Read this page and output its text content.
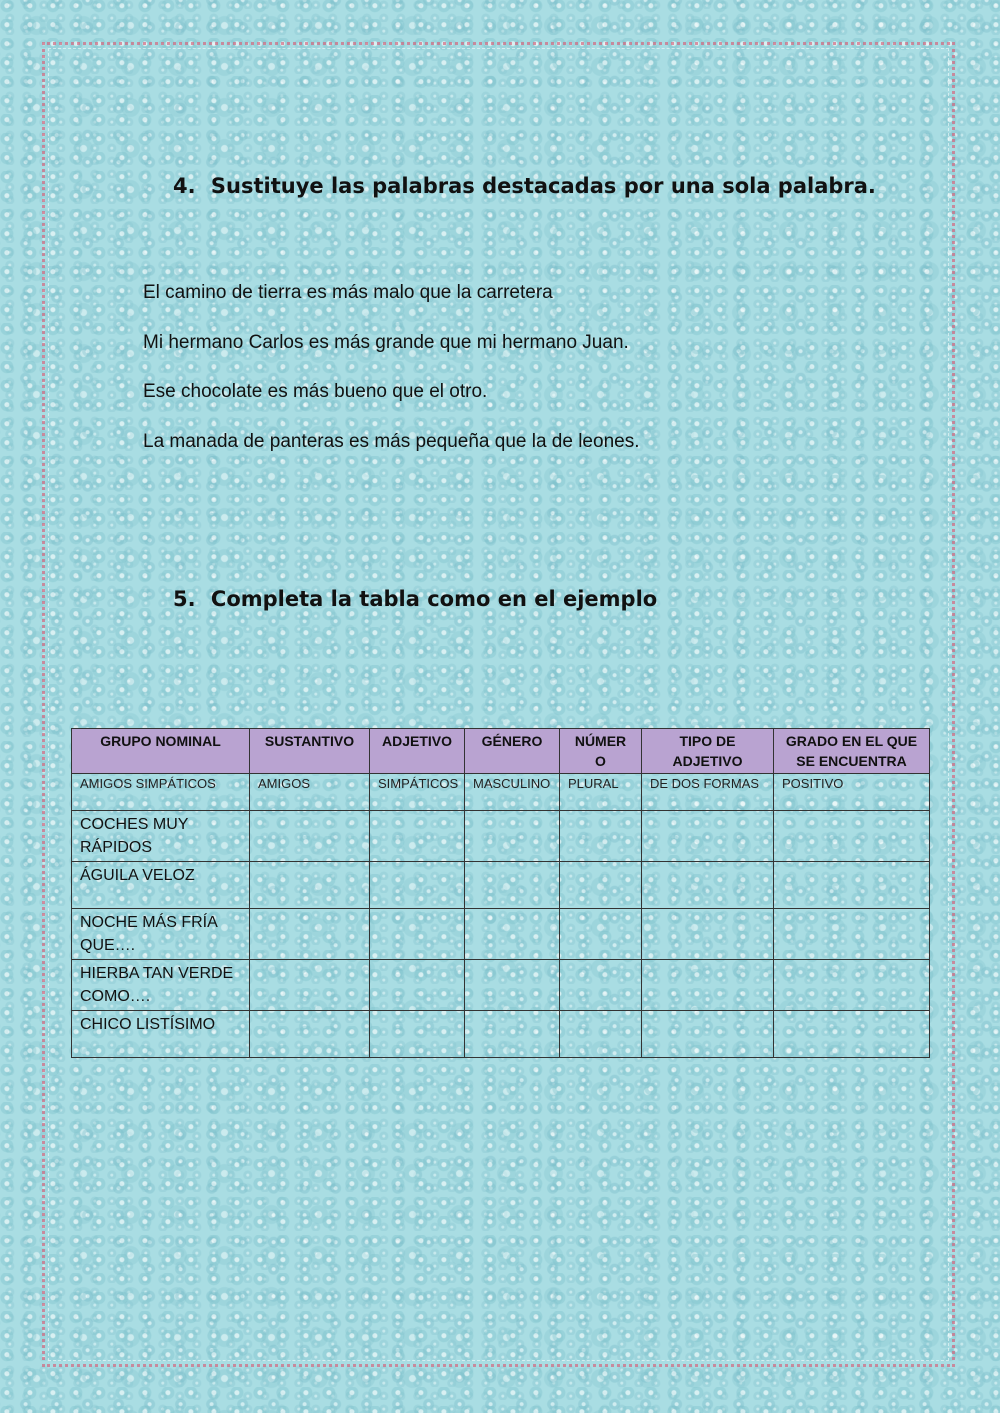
4. Sustituye las palabras destacadas por una sola palabra.
El camino de tierra es más malo que la carretera
Mi hermano Carlos es más grande que mi hermano Juan.
Ese chocolate es más bueno que el otro.
La manada de panteras es más pequeña que la de leones.
5. Completa la tabla como en el ejemplo
GRUPO NOMINAL	SUSTANTIVO	ADJETIVO	GÉNERO	NÚMER O	TIPO DE ADJETIVO	GRADO EN EL QUE SE ENCUENTRA
AMIGOS SIMPÁTICOS	AMIGOS	SIMPÁTICOS	MASCULINO	PLURAL	DE DOS FORMAS	POSITIVO
COCHES MUY RÁPIDOS						
ÁGUILA VELOZ						
NOCHE MÁS FRÍA QUE….						
HIERBA TAN VERDE COMO….						
CHICO LISTÍSIMO						
